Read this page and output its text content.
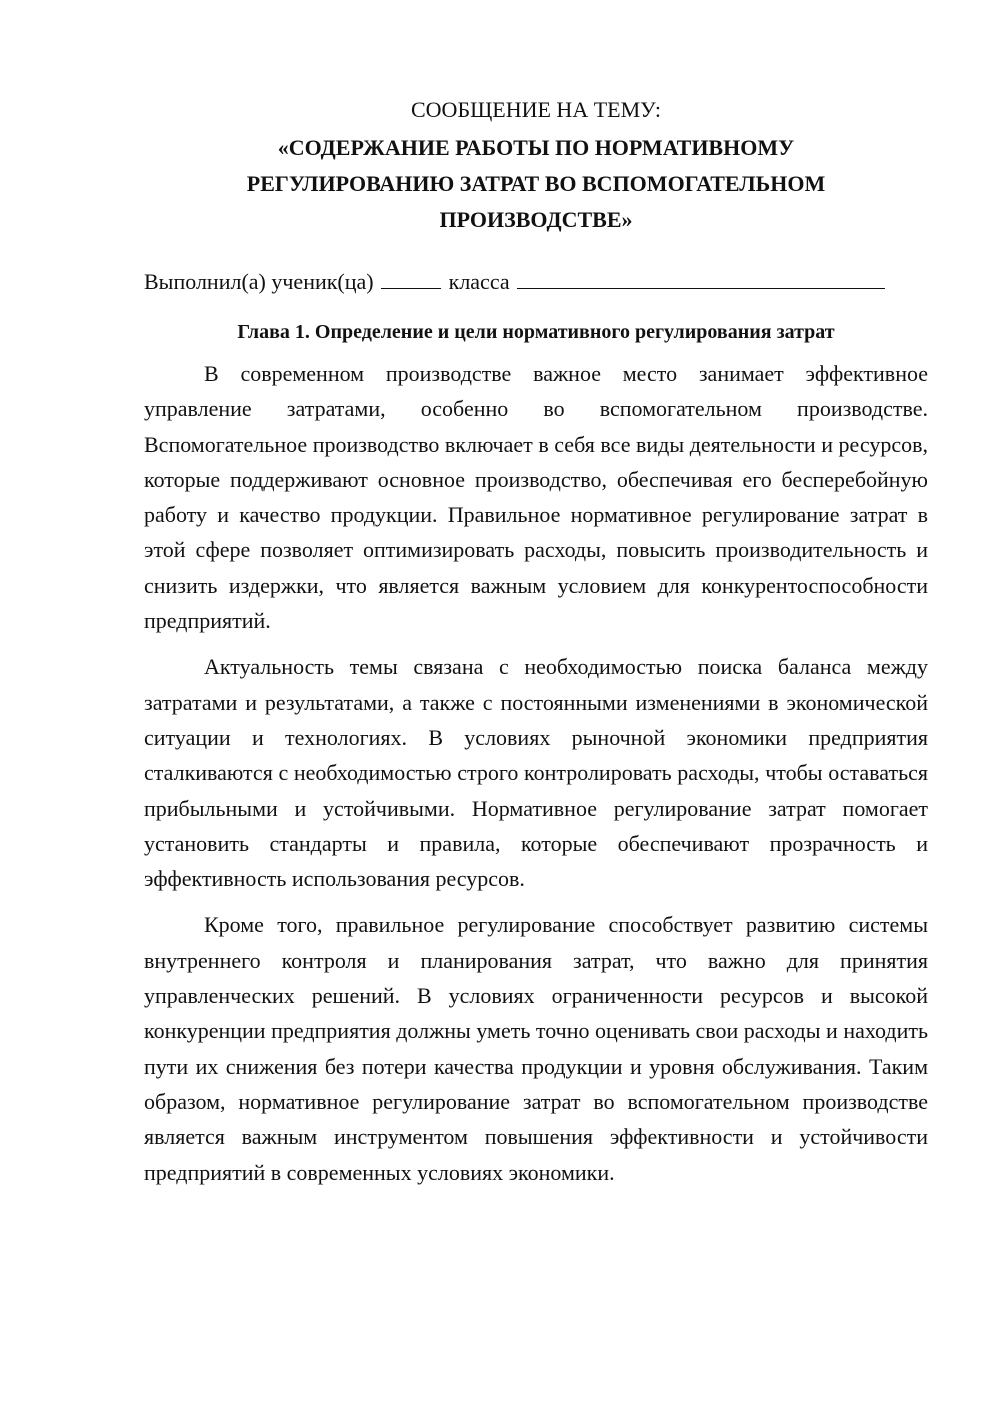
СООБЩЕНИЕ НА ТЕМУ:

«СОДЕРЖАНИЕ РАБОТЫ ПО НОРМАТИВНОМУ
РЕГУЛИРОВАНИЮ ЗАТРАТ ВО ВСПОМОГАТЕЛЬНОМ
ПРОИЗВОДСТВЕ»

Выполнил(а) ученик(ца)	класса

Глава 1. Определение и цели нормативного регулирования затрат

В современном производстве важное место занимает эффективное управление затратами, особенно во вспомогательном производстве. Вспомогательное производство включает в себя все виды деятельности и ресурсов, которые поддерживают основное производство, обеспечивая его бесперебойную работу и качество продукции. Правильное нормативное регулирование затрат в этой сфере позволяет оптимизировать расходы, повысить производительность и снизить издержки, что является важным условием для конкурентоспособности предприятий.

Актуальность темы связана с необходимостью поиска баланса между затратами и результатами, а также с постоянными изменениями в экономической ситуации и технологиях. В условиях рыночной экономики предприятия сталкиваются с необходимостью строго контролировать расходы, чтобы оставаться прибыльными и устойчивыми. Нормативное регулирование затрат помогает установить стандарты и правила, которые обеспечивают прозрачность и эффективность использования ресурсов.

Кроме того, правильное регулирование способствует развитию системы внутреннего контроля и планирования затрат, что важно для принятия управленческих решений. В условиях ограниченности ресурсов и высокой конкуренции предприятия должны уметь точно оценивать свои расходы и находить пути их снижения без потери качества продукции и уровня обслуживания. Таким образом, нормативное регулирование затрат во вспомогательном производстве является важным инструментом повышения эффективности и устойчивости предприятий в современных условиях экономики.
